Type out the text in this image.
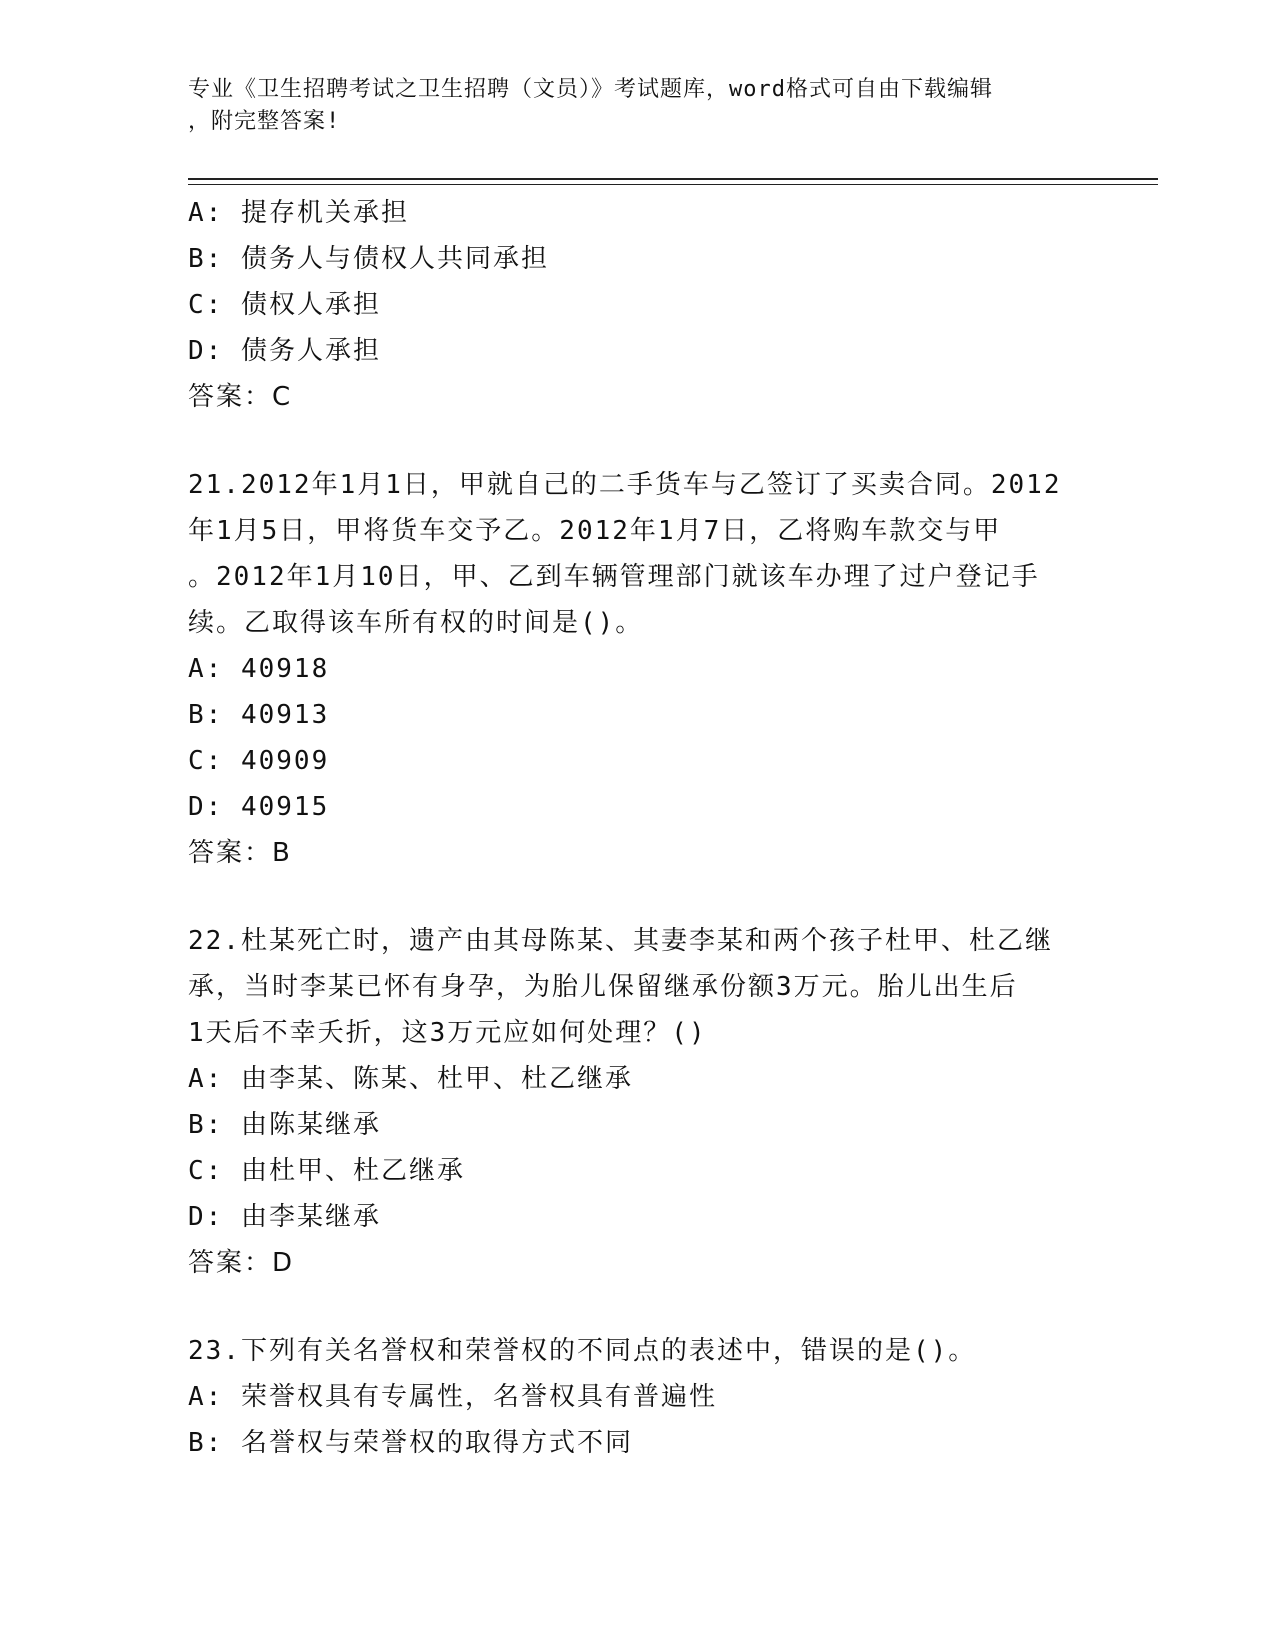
专业《卫生招聘考试之卫生招聘（文员）》考试题库，word格式可自由下载编辑
，附完整答案!
A: 提存机关承担
B: 债务人与债权人共同承担
C: 债权人承担
D: 债务人承担
答案：C
21.2012年1月1日，甲就自己的二手货车与乙签订了买卖合同。2012
年1月5日，甲将货车交予乙。2012年1月7日，乙将购车款交与甲
。2012年1月10日，甲、乙到车辆管理部门就该车办理了过户登记手
续。乙取得该车所有权的时间是()。
A: 40918
B: 40913
C: 40909
D: 40915
答案：B
22.杜某死亡时，遗产由其母陈某、其妻李某和两个孩子杜甲、杜乙继
承，当时李某已怀有身孕，为胎儿保留继承份额3万元。胎儿出生后
1天后不幸夭折，这3万元应如何处理？()
A: 由李某、陈某、杜甲、杜乙继承
B: 由陈某继承
C: 由杜甲、杜乙继承
D: 由李某继承
答案：D
23.下列有关名誉权和荣誉权的不同点的表述中，错误的是()。
A: 荣誉权具有专属性，名誉权具有普遍性
B: 名誉权与荣誉权的取得方式不同
